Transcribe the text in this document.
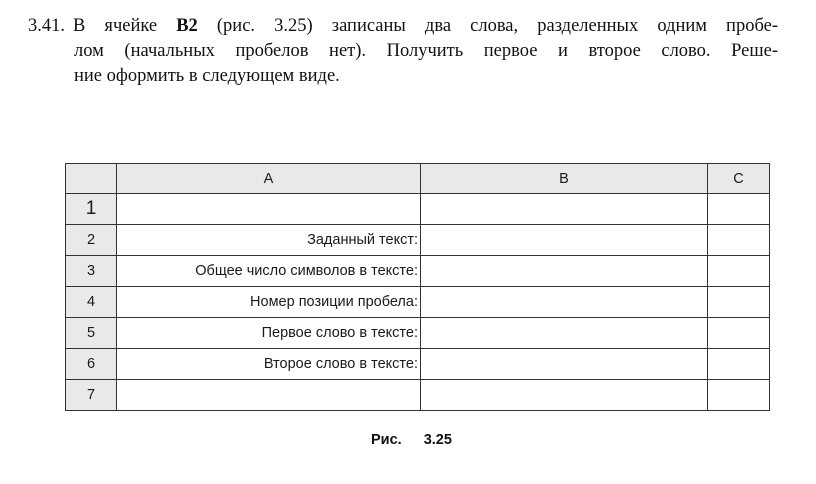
3.41. В ячейке B2 (рис. 3.25) записаны два слова, разделенных одним пробе-
лом (начальных пробелов нет). Получить первое и второе слово. Реше-
ние оформить в следующем виде.
	A	B	C
1			
2	Заданный текст:		
3	Общее число символов в тексте:		
4	Номер позиции пробела:		
5	Первое слово в тексте:		
6	Второе слово в тексте:		
7			
Рис. 3.25
